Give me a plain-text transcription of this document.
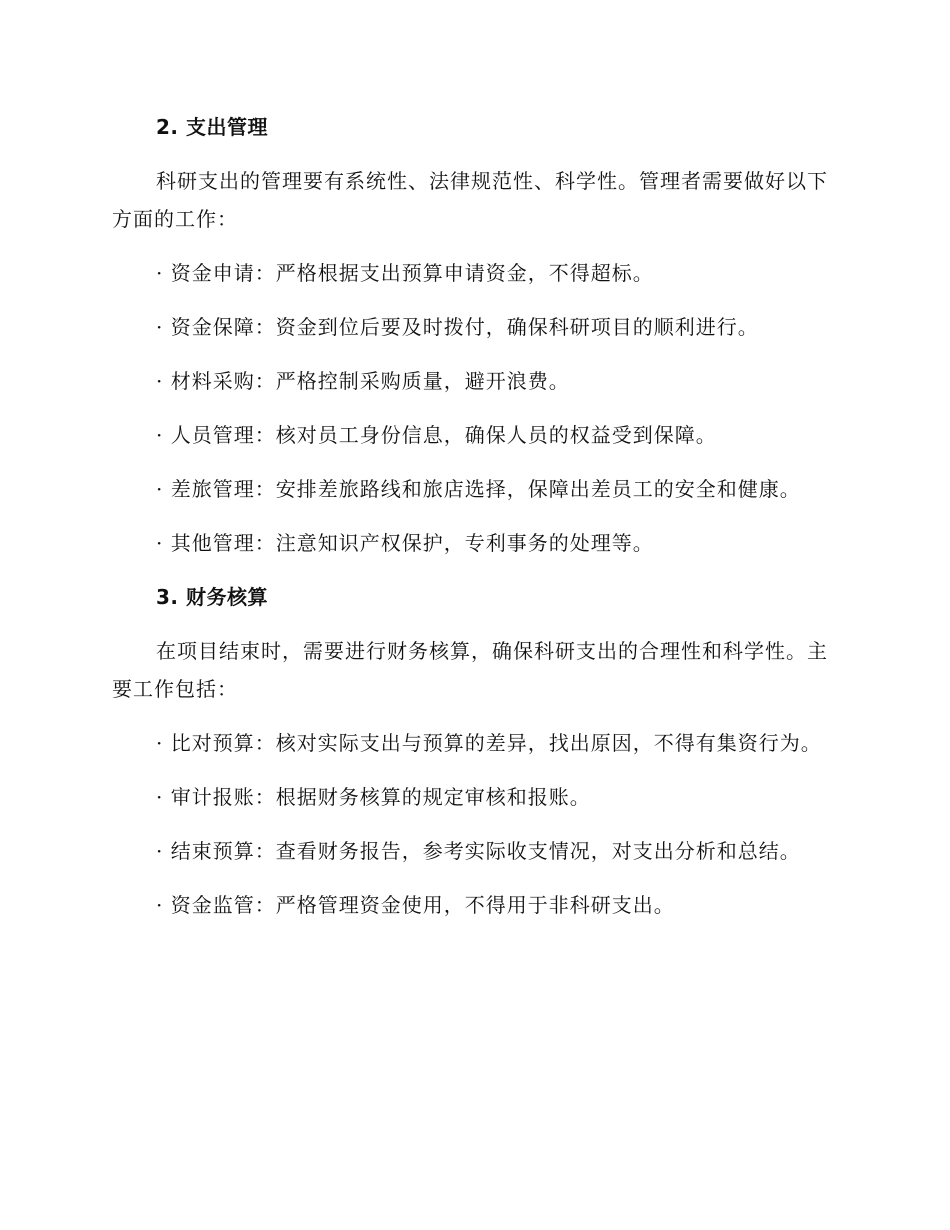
2. 支出管理

科研支出的管理要有系统性、法律规范性、科学性。管理者需要做好以下方面的工作：

· 资金申请：严格根据支出预算申请资金，不得超标。

· 资金保障：资金到位后要及时拨付，确保科研项目的顺利进行。

· 材料采购：严格控制采购质量，避开浪费。

· 人员管理：核对员工身份信息，确保人员的权益受到保障。

· 差旅管理：安排差旅路线和旅店选择，保障出差员工的安全和健康。

· 其他管理：注意知识产权保护，专利事务的处理等。

3. 财务核算

在项目结束时，需要进行财务核算，确保科研支出的合理性和科学性。主要工作包括：

· 比对预算：核对实际支出与预算的差异，找出原因，不得有集资行为。

· 审计报账：根据财务核算的规定审核和报账。

· 结束预算：查看财务报告，参考实际收支情况，对支出分析和总结。

· 资金监管：严格管理资金使用，不得用于非科研支出。
